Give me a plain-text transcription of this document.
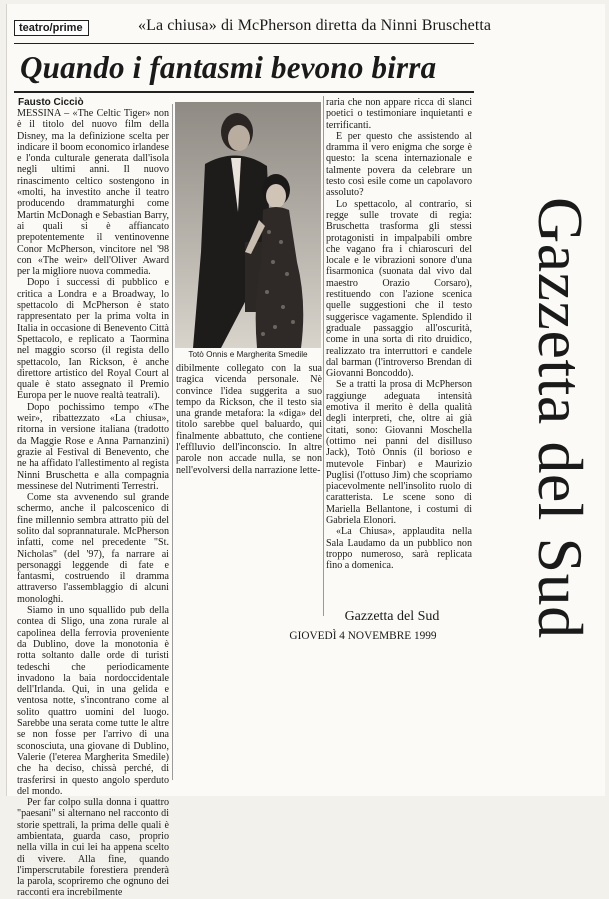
teatro/prime	«La chiusa» di McPherson diretta da Ninni Bruschetta
Quando i fantasmi bevono birra
Fausto Cicciò

MESSINA – «The Celtic Tiger» non è il titolo del nuovo film della Disney, ma la definizione scelta per indicare il boom economico irlandese e l'onda culturale generata dall'isola negli ultimi anni. Il nuovo rinascimento celtico sostengono in «molti, ha investito anche il teatro producendo drammaturghi come Martin McDonagh e Sebastian Barry, ai quali si è affiancato prepotentemente il ventinovenne Conor McPherson, vincitore nel '98 con «The weir» dell'Oliver Award per la migliore nuova commedia.

Dopo i successi di pubblico e critica a Londra e a Broadway, lo spettacolo di McPherson è stato rappresentato per la prima volta in Italia in occasione di Benevento Città Spettacolo, e replicato a Taormina nel maggio scorso (il regista dello spettacolo, Ian Rickson, è anche direttore artistico del Royal Court al quale è stato assegnato il Premio Europa per le nuove realtà teatrali).

Dopo pochissimo tempo «The weir», ribattezzato «La chiusa», ritorna in versione italiana (tradotto da Maggie Rose e Anna Parnanzini) grazie al Festival di Benevento, che ne ha affidato l'allestimento al regista Ninni Bruschetta e alla compagnia messinese del Nutrimenti Terrestri.

Come sta avvenendo sul grande schermo, anche il palcoscenico di fine millennio sembra attratto più del solito dal soprannaturale. McPherson infatti, come nel precedente "St. Nicholas" (del '97), fa narrare ai personaggi leggende di fate e fantasmi, costruendo il dramma attraverso l'assemblaggio di alcuni monologhi.

Siamo in uno squallido pub della contea di Sligo, una zona rurale al capolinea della ferrovia proveniente da Dublino, dove la monotonia è rotta soltanto dalle orde di turisti tedeschi che periodicamente invadono la baia nordoccidentale dell'Irlanda. Qui, in una gelida e ventosa notte, s'incontrano come al solito quattro uomini del luogo. Sarebbe una serata come tutte le altre se non fosse per l'arrivo di una sconosciuta, una giovane di Dublino, Valerie (l'eterea Margherita Smedile) che ha deciso, chissà perché, di trasferirsi in questo angolo sperduto del mondo.

Per far colpo sulla donna i quattro "paesani" si alternano nel racconto di storie spettrali, la prima delle quali è ambientata, guarda caso, proprio nella villa in cui lei ha appena scelto di vivere. Alla fine, quando l'imperscrutabile forestiera prenderà la parola, scopriremo che ognuno dei racconti era increbilmente

Totò Onnis e Margherita Smedile

dibilmente collegato con la sua tragica vicenda personale. Nè convince l'idea suggerita a suo tempo da Rickson, che il testo sia una grande metafora: la «diga» del titolo sarebbe quel baluardo, qui finalmente abbattuto, che contiene l'efflluvio dell'inconscio. In altre parole non accade nulla, se non nell'evolversi della narrazione lette-

raria che non appare ricca di slanci poetici o testimoniare inquietanti e terrificanti.

E per questo che assistendo al dramma il vero enigma che sorge è questo: la scena internazionale e talmente povera da celebrare un testo così esile come un capolavoro assoluto?

Lo spettacolo, al contrario, si regge sulle trovate di regia: Bruschetta trasforma gli stessi protagonisti in impalpabili ombre che vagano fra i chiaroscuri del locale e le vibrazioni sonore d'una fisarmonica (suonata dal vivo dal maestro Orazio Corsaro), restituendo con l'azione scenica quelle suggestioni che il testo suggerisce vagamente. Splendido il graduale passaggio all'oscurità, come in una sorta di rito druidico, realizzato tra interruttori e candele dal barman (l'introverso Brendan di Giovanni Boncoddo).

Se a tratti la prosa di McPherson raggiunge adeguata intensità emotiva il merito è della qualità degli interpreti, che, oltre ai già citati, sono: Giovanni Moschella (ottimo nei panni del disilluso Jack), Totò Onnis (il borioso e mutevole Finbar) e Maurizio Puglisi (l'ottuso Jim) che scopriamo piacevolmente nell'insolito ruolo di caratterista. Le scene sono di Mariella Bellantone, i costumi di Gabriela Elonori.

«La Chiusa», applaudita nella Sala Laudamo da un pubblico non troppo numeroso, sarà replicata fino a domenica.

Gazzetta del Sud
GIOVEDÌ 4 NOVEMBRE 1999	Gazzetta del Sud
